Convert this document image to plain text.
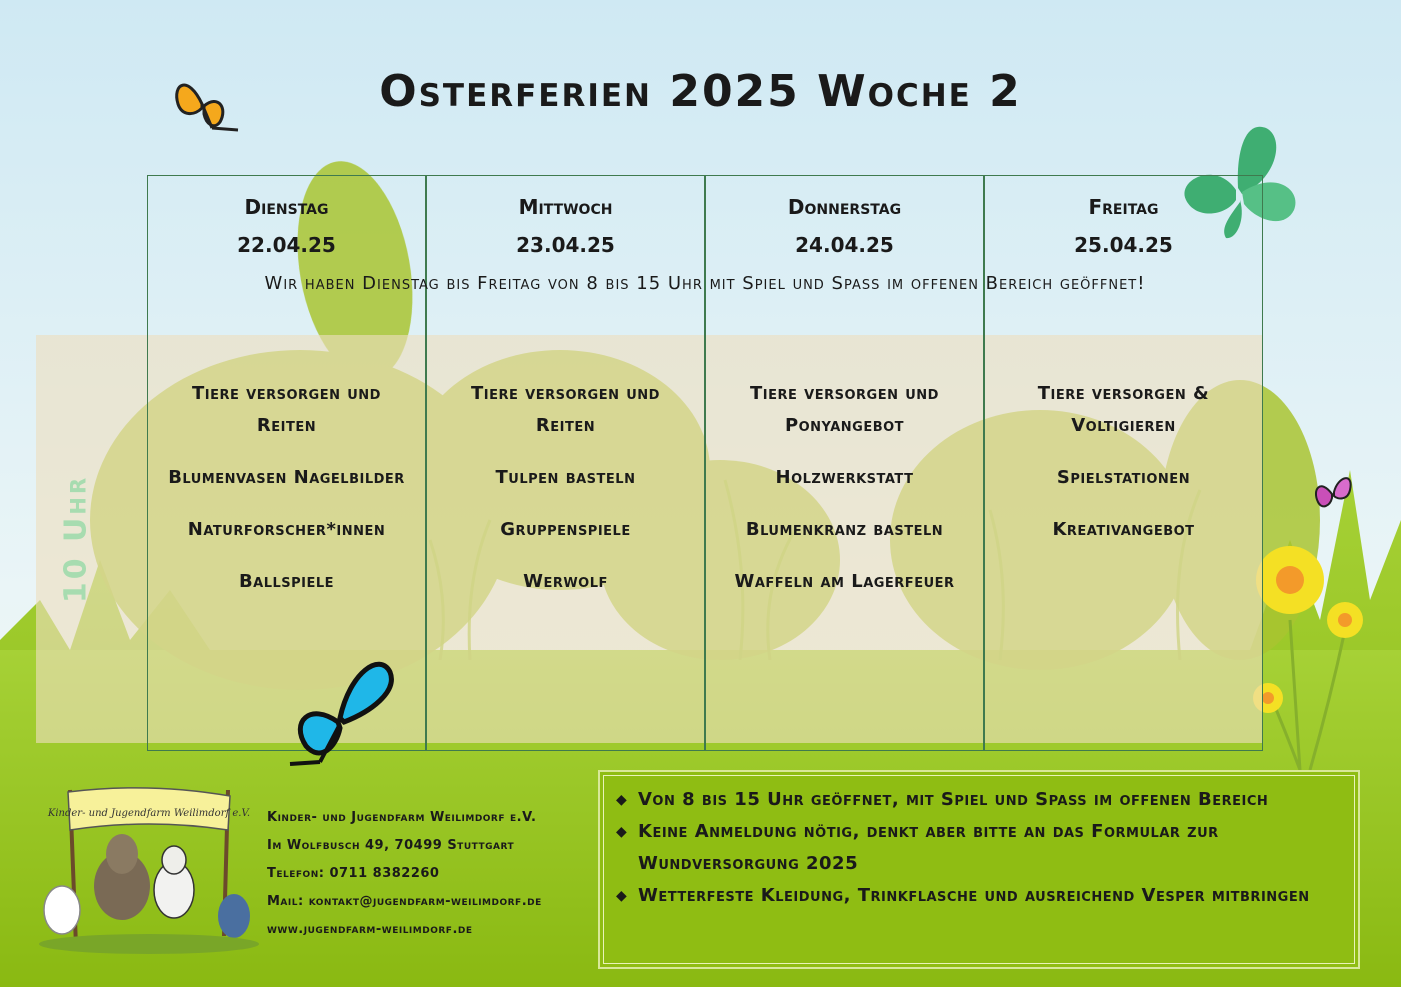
10 Uhr
Osterferien 2025 Woche 2
Dienstag
22.04.25
Mittwoch
23.04.25
Donnerstag
24.04.25
Freitag
25.04.25
Wir haben Dienstag bis Freitag von 8 bis 15 Uhr mit Spiel und Spass im offenen Bereich geöffnet!
Tiere versorgen und Reiten
Blumenvasen Nagelbilder
Naturforscher*innen
Ballspiele
Tiere versorgen und Reiten
Tulpen basteln
Gruppenspiele
Werwolf
Tiere versorgen und Ponyangebot
Holzwerkstatt
Blumenkranz basteln
Waffeln am Lagerfeuer
Tiere versorgen & Voltigieren
Spielstationen
Kreativangebot
Kinder- und Jugendfarm Weilimdorf e.V. Kinder- und Jugendfarm Weilimdorf e.V.
Im Wolfbusch 49, 70499 Stuttgart
Telefon: 0711 8382260
Mail: kontakt@jugendfarm-weilimdorf.de
www.jugendfarm-weilimdorf.de
◆ Von 8 bis 15 Uhr geöffnet, mit Spiel und Spass im offenen Bereich
◆ Keine Anmeldung nötig, denkt aber bitte an das Formular zur Wundversorgung 2025
◆ Wetterfeste Kleidung, Trinkflasche und ausreichend Vesper mitbringen
